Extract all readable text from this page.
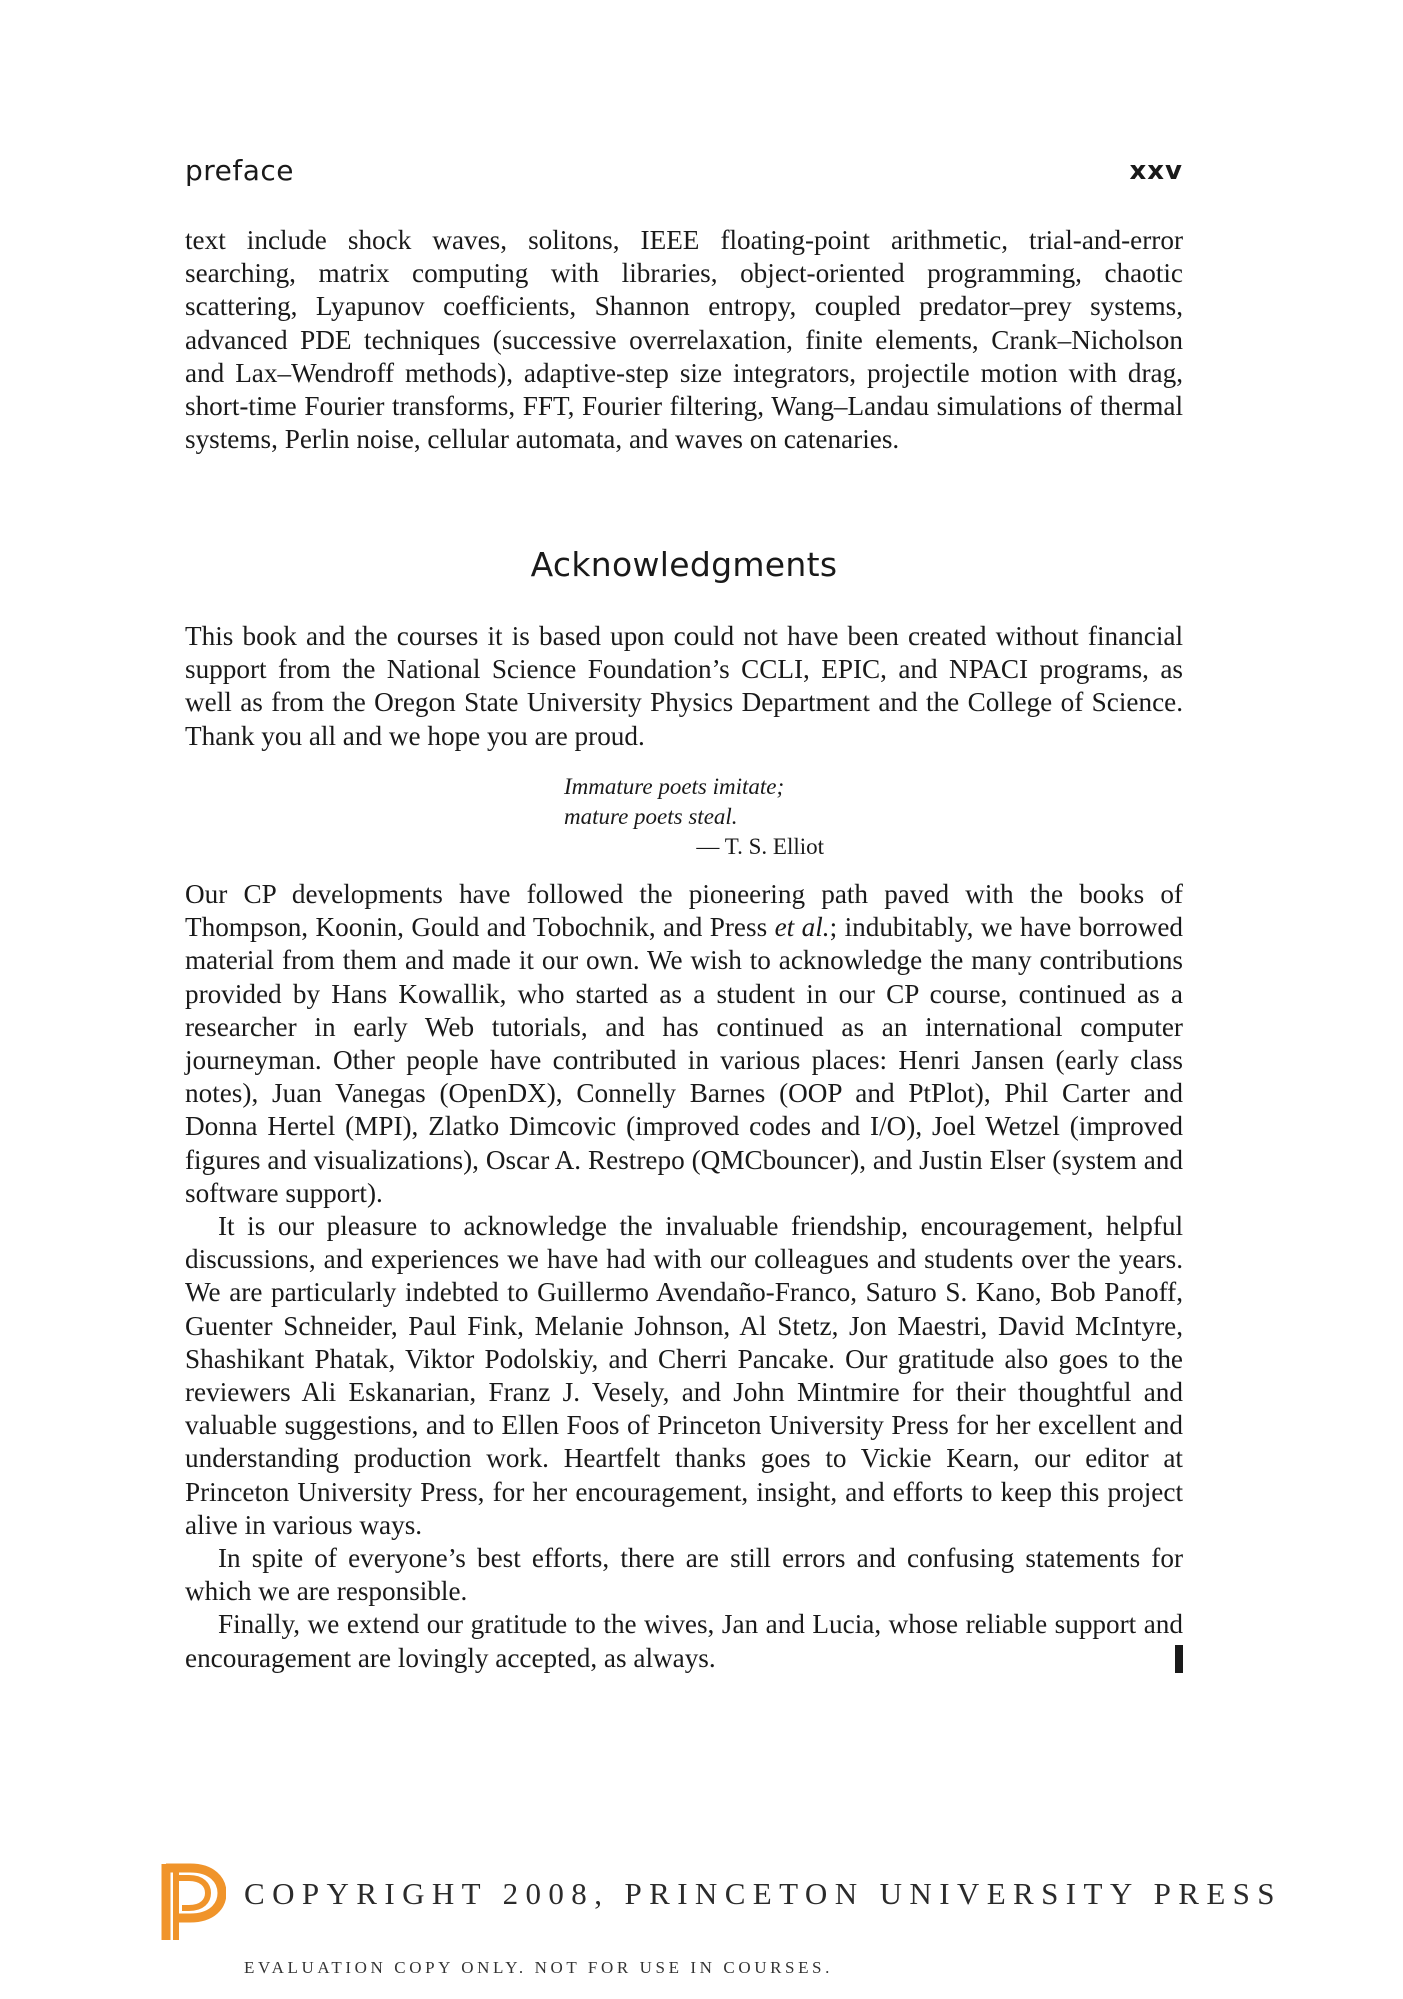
preface	xxv

text include shock waves, solitons, IEEE floating-point arithmetic, trial-and-error searching, matrix computing with libraries, object-oriented programming, chaotic scattering, Lyapunov coefficients, Shannon entropy, coupled predator–prey systems, advanced PDE techniques (successive overrelaxation, finite elements, Crank–Nicholson and Lax–Wendroff methods), adaptive-step size integrators, projectile motion with drag, short-time Fourier transforms, FFT, Fourier filtering, Wang–Landau simulations of thermal systems, Perlin noise, cellular automata, and waves on catenaries.

Acknowledgments

This book and the courses it is based upon could not have been created without financial support from the National Science Foundation’s CCLI, EPIC, and NPACI programs, as well as from the Oregon State University Physics Department and the College of Science. Thank you all and we hope you are proud.

Immature poets imitate;
mature poets steal.
— T. S. Elliot

Our CP developments have followed the pioneering path paved with the books of Thompson, Koonin, Gould and Tobochnik, and Press et al.; indubitably, we have borrowed material from them and made it our own. We wish to acknowledge the many contributions provided by Hans Kowallik, who started as a student in our CP course, continued as a researcher in early Web tutorials, and has continued as an international computer journeyman. Other people have contributed in various places: Henri Jansen (early class notes), Juan Vanegas (OpenDX), Connelly Barnes (OOP and PtPlot), Phil Carter and Donna Hertel (MPI), Zlatko Dimcovic (improved codes and I/O), Joel Wetzel (improved figures and visualizations), Oscar A. Restrepo (QMCbouncer), and Justin Elser (system and software support).

It is our pleasure to acknowledge the invaluable friendship, encouragement, helpful discussions, and experiences we have had with our colleagues and students over the years. We are particularly indebted to Guillermo Avendaño-Franco, Saturo S. Kano, Bob Panoff, Guenter Schneider, Paul Fink, Melanie Johnson, Al Stetz, Jon Maestri, David McIntyre, Shashikant Phatak, Viktor Podolskiy, and Cherri Pancake. Our gratitude also goes to the reviewers Ali Eskanarian, Franz J. Vesely, and John Mintmire for their thoughtful and valuable suggestions, and to Ellen Foos of Princeton University Press for her excellent and understanding production work. Heartfelt thanks goes to Vickie Kearn, our editor at Princeton University Press, for her encouragement, insight, and efforts to keep this project alive in various ways.

In spite of everyone’s best efforts, there are still errors and confusing statements for which we are responsible.

Finally, we extend our gratitude to the wives, Jan and Lucia, whose reliable support and encouragement are lovingly accepted, as always.

COPYRIGHT 2008, PRINCETON UNIVERSITY PRESS
EVALUATION COPY ONLY. NOT FOR USE IN COURSES.
